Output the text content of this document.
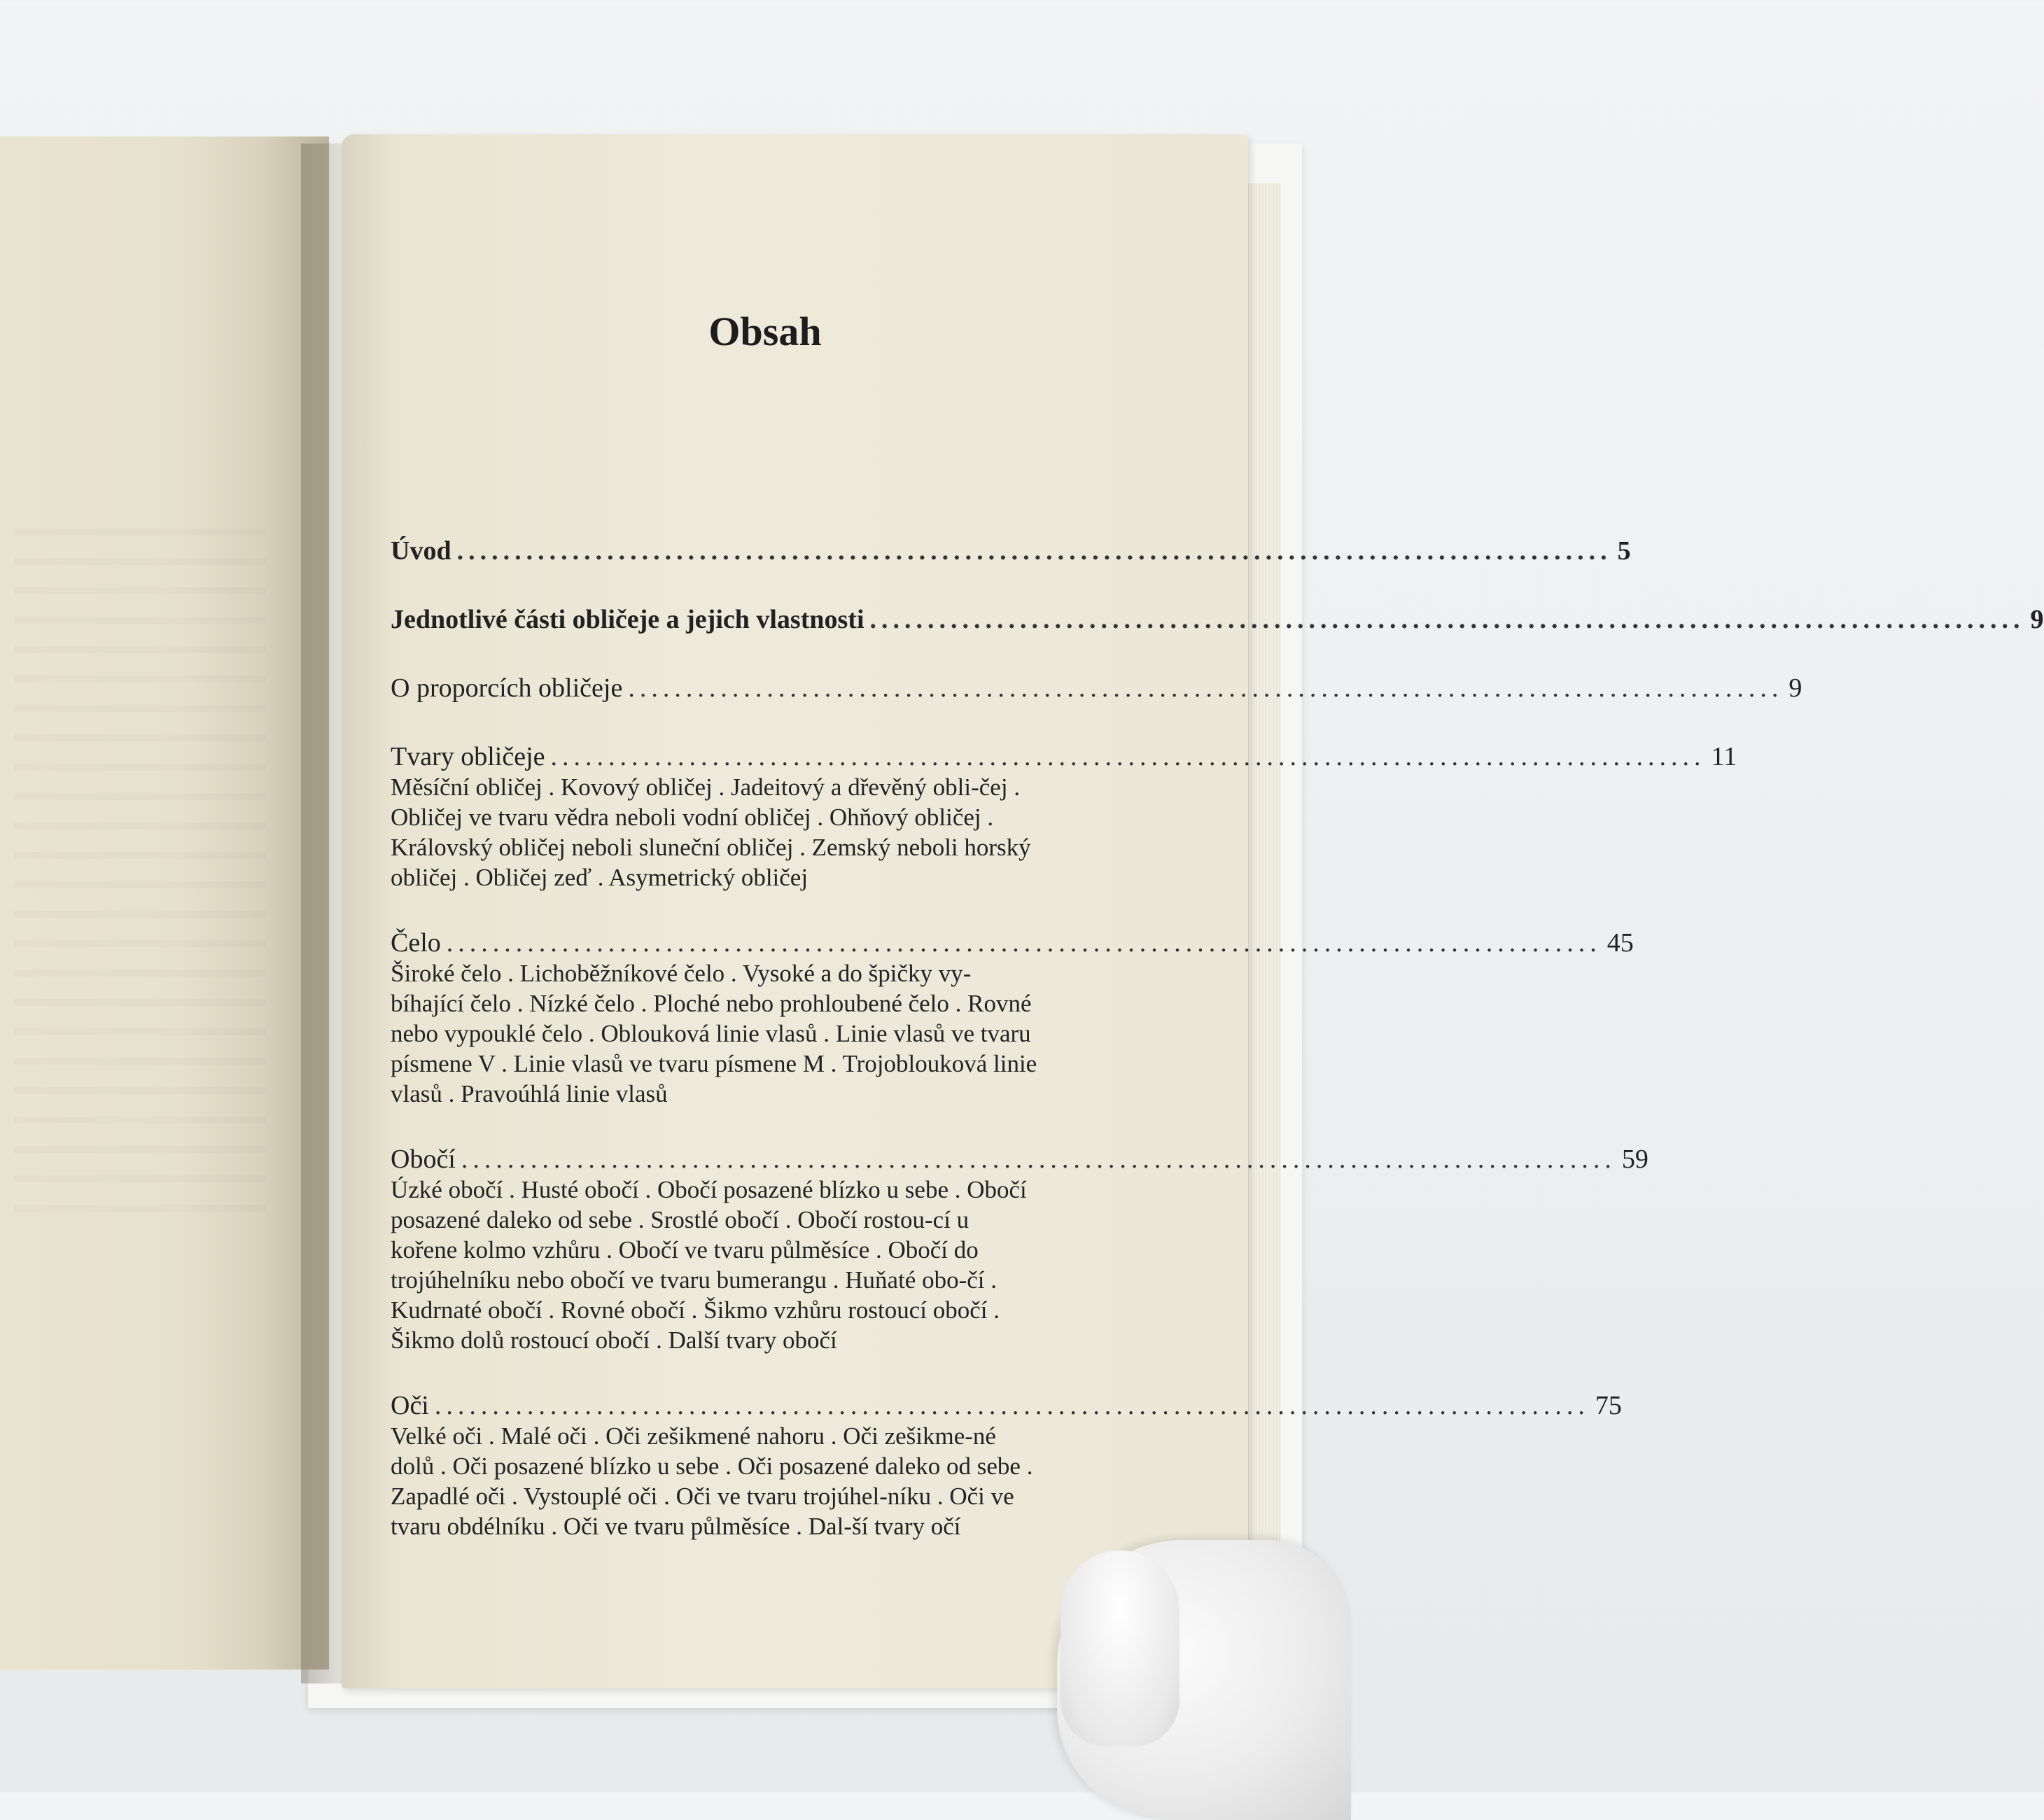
Obsah
Úvod .................................................................................................... 5
Jednotlivé části obličeje a jejich vlastnosti .................................................................................................... 9
O proporcích obličeje .................................................................................................... 9
Tvary obličeje .................................................................................................... 11
Měsíční obličej . Kovový obličej . Jadeitový a dřevěný obli-čej . Obličej ve tvaru vědra neboli vodní obličej . Ohňový obličej . Královský obličej neboli sluneční obličej . Zemský neboli horský obličej . Obličej zeď . Asymetrický obličej
Čelo .................................................................................................... 45
Široké čelo . Lichoběžníkové čelo . Vysoké a do špičky vy-bíhající čelo . Nízké čelo . Ploché nebo prohloubené čelo . Rovné nebo vypouklé čelo . Oblouková linie vlasů . Linie vlasů ve tvaru písmene V . Linie vlasů ve tvaru písmene M . Trojoblouková linie vlasů . Pravoúhlá linie vlasů
Obočí .................................................................................................... 59
Úzké obočí . Husté obočí . Obočí posazené blízko u sebe . Obočí posazené daleko od sebe . Srostlé obočí . Obočí rostou-cí u kořene kolmo vzhůru . Obočí ve tvaru půlměsíce . Obočí do trojúhelníku nebo obočí ve tvaru bumerangu . Huňaté obo-čí . Kudrnaté obočí . Rovné obočí . Šikmo vzhůru rostoucí obočí . Šikmo dolů rostoucí obočí . Další tvary obočí
Oči .................................................................................................... 75
Velké oči . Malé oči . Oči zešikmené nahoru . Oči zešikme-né dolů . Oči posazené blízko u sebe . Oči posazené daleko od sebe . Zapadlé oči . Vystouplé oči . Oči ve tvaru trojúhel-níku . Oči ve tvaru obdélníku . Oči ve tvaru půlměsíce . Dal-ší tvary očí
